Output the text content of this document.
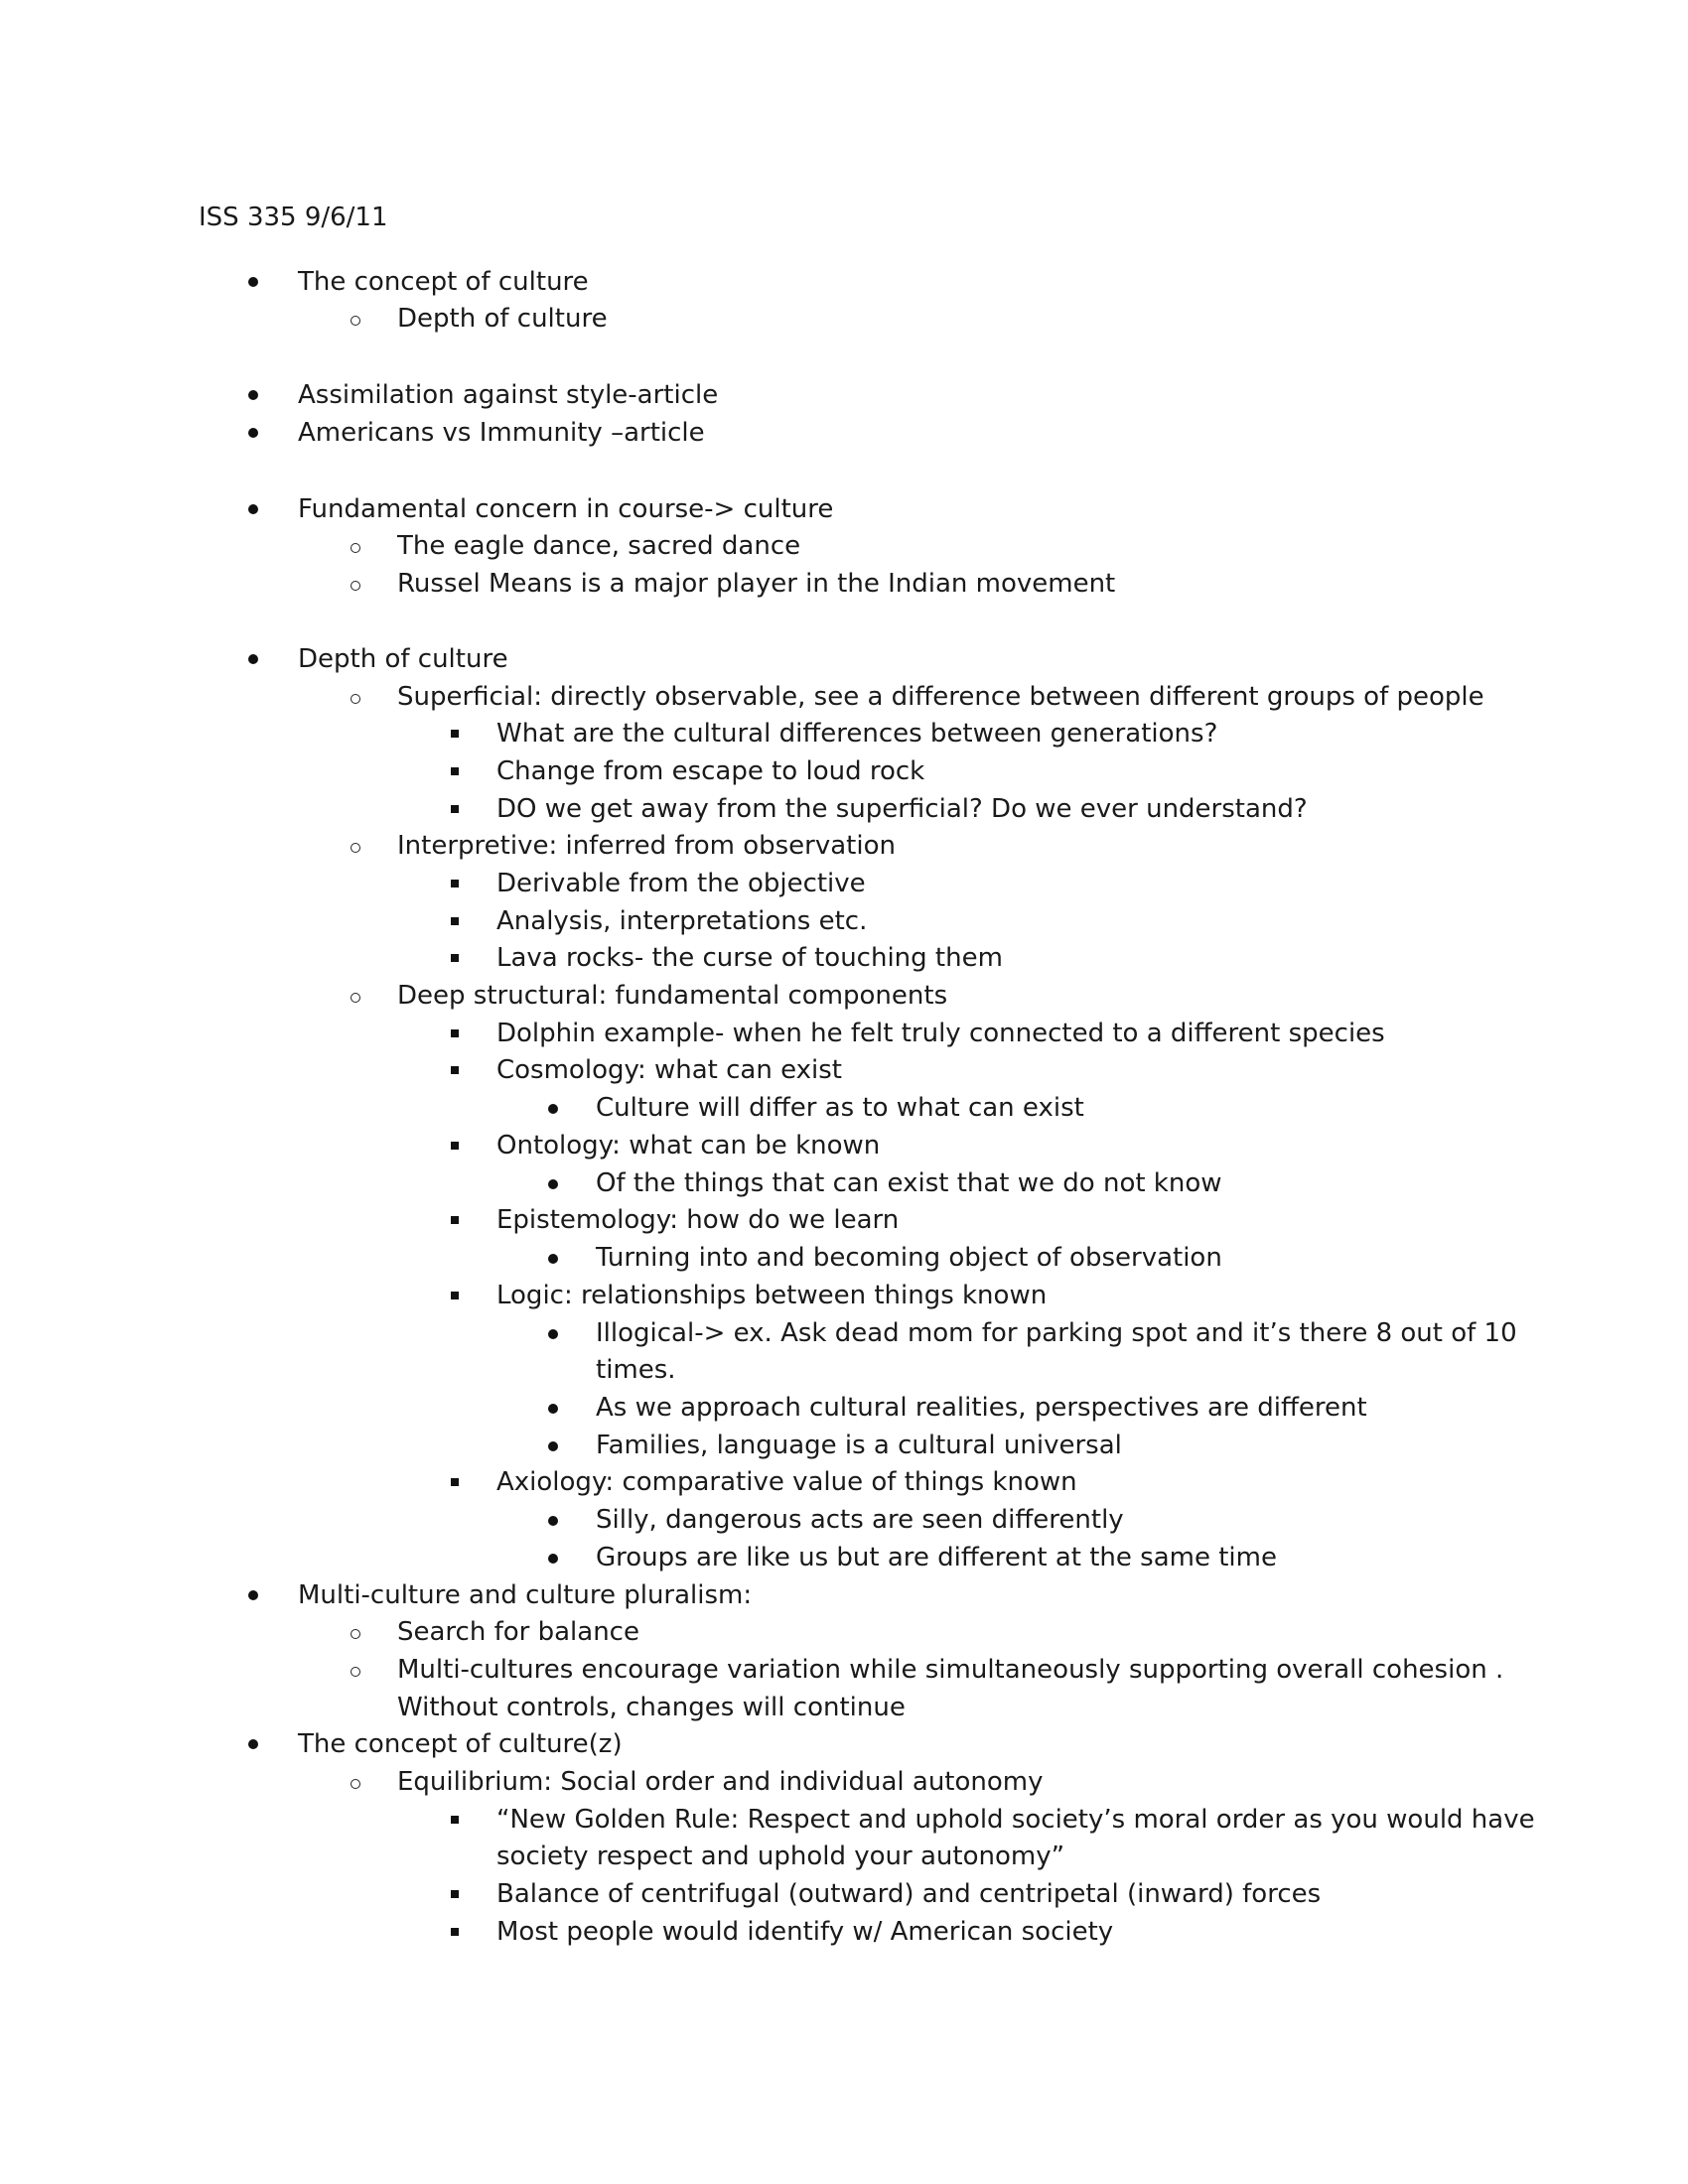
ISS 335 9/6/11
The concept of culture
Depth of culture
Assimilation against style-article
Americans vs Immunity –article
Fundamental concern in course-> culture
The eagle dance, sacred dance
Russel Means is a major player in the Indian movement
Depth of culture
Superficial: directly observable, see a difference between different groups of people
What are the cultural differences between generations?
Change from escape to loud rock
DO we get away from the superficial? Do we ever understand?
Interpretive: inferred from observation
Derivable from the objective
Analysis, interpretations etc.
Lava rocks- the curse of touching them
Deep structural: fundamental components
Dolphin example- when he felt truly connected to a different species
Cosmology: what can exist
Culture will differ as to what can exist
Ontology: what can be known
Of the things that can exist that we do not know
Epistemology: how do we learn
Turning into and becoming object of observation
Logic: relationships between things known
Illogical-> ex. Ask dead mom for parking spot and it’s there 8 out of 10
times.
As we approach cultural realities, perspectives are different
Families, language is a cultural universal
Axiology: comparative value of things known
Silly, dangerous acts are seen differently
Groups are like us but are different at the same time
Multi-culture and culture pluralism:
Search for balance
Multi-cultures encourage variation while simultaneously supporting overall cohesion .
Without controls, changes will continue
The concept of culture(z)
Equilibrium: Social order and individual autonomy
“New Golden Rule: Respect and uphold society’s moral order as you would have
society respect and uphold your autonomy”
Balance of centrifugal (outward) and centripetal (inward) forces
Most people would identify w/ American society
